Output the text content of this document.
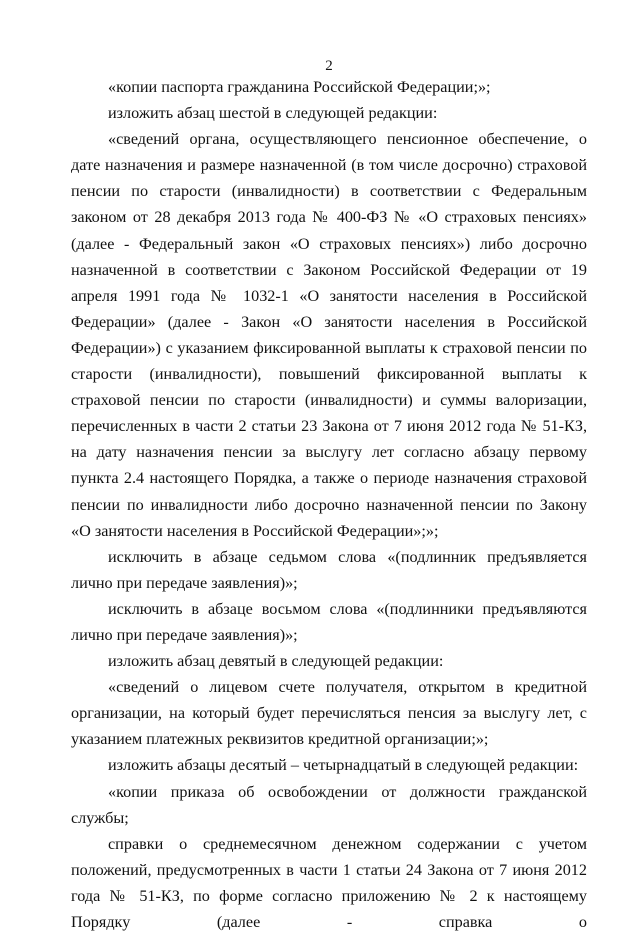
2

«копии паспорта гражданина Российской Федерации;»;

изложить абзац шестой в следующей редакции:

«сведений органа, осуществляющего пенсионное обеспечение, о дате назначения и размере назначенной (в том числе досрочно) страховой пенсии по старости (инвалидности) в соответствии с Федеральным законом от 28 декабря 2013 года № 400-ФЗ № «О страховых пенсиях» (далее - Федеральный закон «О страховых пенсиях») либо досрочно назначенной в соответствии с Законом Российской Федерации от 19 апреля 1991 года № 1032-1 «О занятости населения в Российской Федерации» (далее - Закон «О занятости населения в Российской Федерации») с указанием фиксированной выплаты к страховой пенсии по старости (инвалидности), повышений фиксированной выплаты к страховой пенсии по старости (инвалидности) и суммы валоризации, перечисленных в части 2 статьи 23 Закона от 7 июня 2012 года № 51-КЗ, на дату назначения пенсии за выслугу лет согласно абзацу первому пункта 2.4 настоящего Порядка, а также о периоде назначения страховой пенсии по инвалидности либо досрочно назначенной пенсии по Закону «О занятости населения в Российской Федерации»;»;

исключить в абзаце седьмом слова «(подлинник предъявляется лично при передаче заявления)»;

исключить в абзаце восьмом слова «(подлинники предъявляются лично при передаче заявления)»;

изложить абзац девятый в следующей редакции:

«сведений о лицевом счете получателя, открытом в кредитной организации, на который будет перечисляться пенсия за выслугу лет, с указанием платежных реквизитов кредитной организации;»;

изложить абзацы десятый – четырнадцатый в следующей редакции:

«копии приказа об освобождении от должности гражданской службы;

справки о среднемесячном денежном содержании с учетом положений, предусмотренных в части 1 статьи 24 Закона от 7 июня 2012 года № 51-КЗ, по форме согласно приложению № 2 к настоящему Порядку (далее - справка о
